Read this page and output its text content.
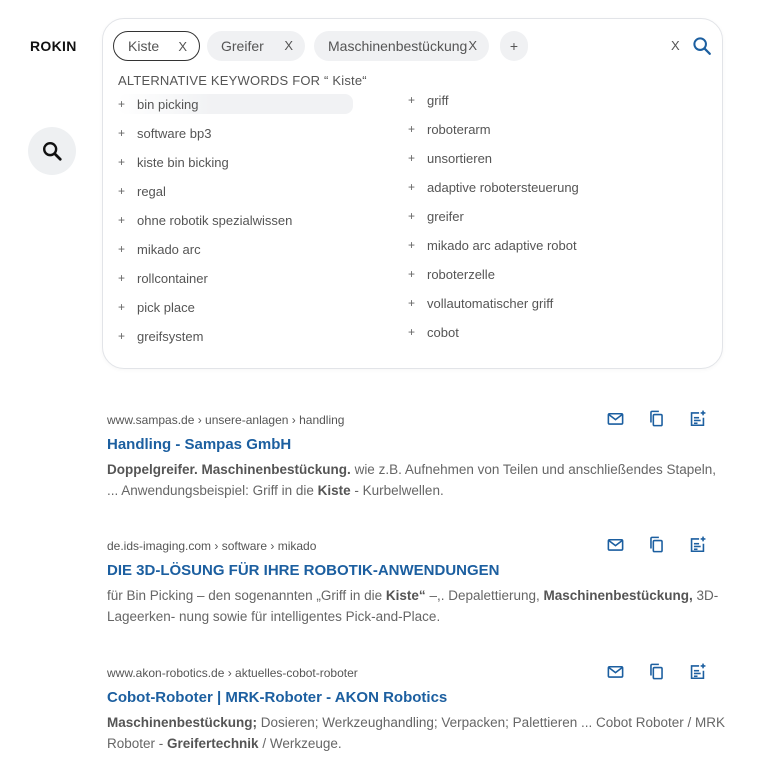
ROKIN	Kiste X	Greifer X	Maschinenbestückung X	+	X
ALTERNATIVE KEYWORDS FOR “ Kiste“
+ bin picking
+ software bp3
+ kiste bin bicking
+ regal
+ ohne robotik spezialwissen
+ mikado arc
+ rollcontainer
+ pick place
+ greifsystem
+ griff
+ roboterarm
+ unsortieren
+ adaptive robotersteuerung
+ greifer
+ mikado arc adaptive robot
+ roboterzelle
+ vollautomatischer griff
+ cobot
www.sampas.de › unsere-anlagen › handling
Handling - Sampas GmbH
Doppelgreifer. Maschinenbestückung. wie z.B. Aufnehmen von Teilen und anschließendes Stapeln, ... Anwendungsbeispiel: Griff in die Kiste - Kurbelwellen.
de.ids-imaging.com › software › mikado
DIE 3D-LÖSUNG FÜR IHRE ROBOTIK-ANWENDUNGEN
für Bin Picking – den sogenannten „Griff in die Kiste“ –,. Depalettierung, Maschinenbestückung, 3D-Lageerken- nung sowie für intelligentes Pick-and-Place.
www.akon-robotics.de › aktuelles-cobot-roboter
Cobot-Roboter | MRK-Roboter - AKON Robotics
Maschinenbestückung; Dosieren; Werkzeughandling; Verpacken; Palettieren ... Cobot Roboter / MRK Roboter - Greifertechnik / Werkzeuge.
